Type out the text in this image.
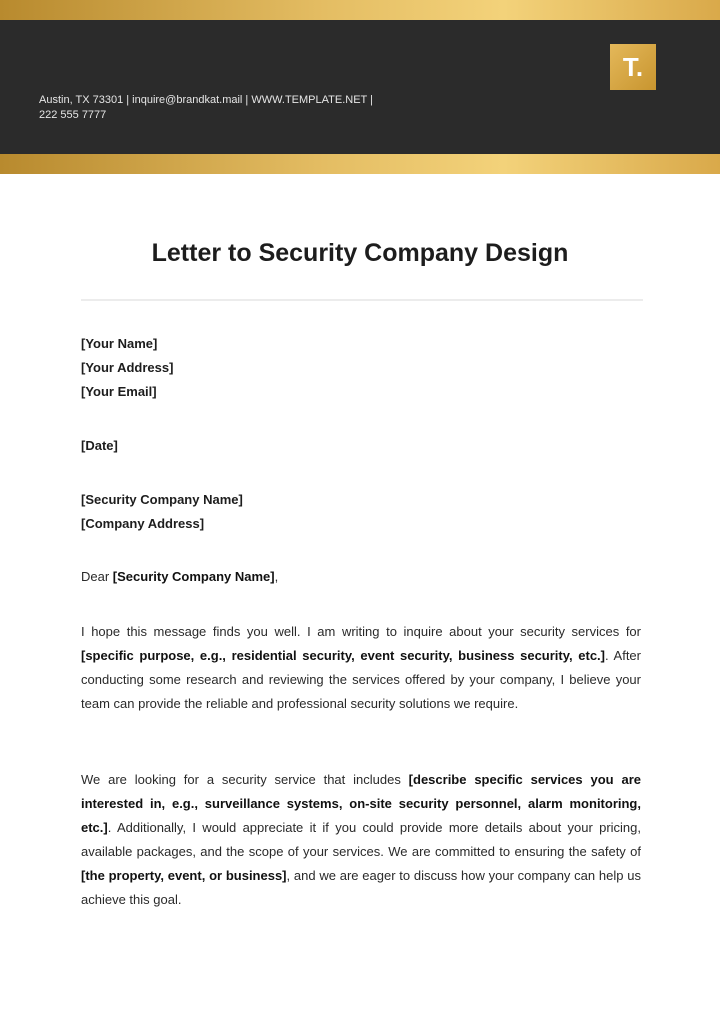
Austin, TX 73301 | inquire@brandkat.mail | WWW.TEMPLATE.NET |
222 555 7777
T.
Letter to Security Company Design

[Your Name]

[Your Address]

[Your Email]

[Date]

[Security Company Name]

[Company Address]

Dear [Security Company Name],

I hope this message finds you well. I am writing to inquire about your security services for [specific purpose, e.g., residential security, event security, business security, etc.]. After conducting some research and reviewing the services offered by your company, I believe your team can provide the reliable and professional security solutions we require.

We are looking for a security service that includes [describe specific services you are interested in, e.g., surveillance systems, on-site security personnel, alarm monitoring, etc.]. Additionally, I would appreciate it if you could provide more details about your pricing, available packages, and the scope of your services. We are committed to ensuring the safety of [the property, event, or business], and we are eager to discuss how your company can help us achieve this goal.
